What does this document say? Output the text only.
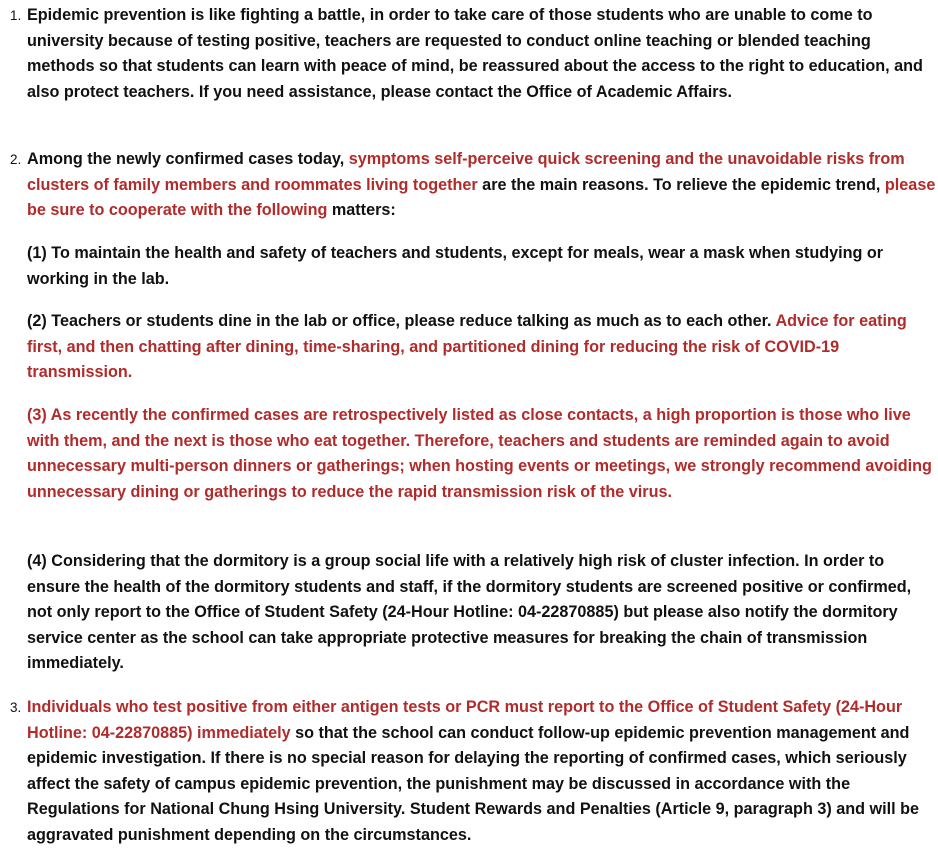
1. Epidemic prevention is like fighting a battle, in order to take care of those students who are unable to come to university because of testing positive, teachers are requested to conduct online teaching or blended teaching methods so that students can learn with peace of mind, be reassured about the access to the right to education, and also protect teachers. If you need assistance, please contact the Office of Academic Affairs.
2. Among the newly confirmed cases today, symptoms self-perceive quick screening and the unavoidable risks from clusters of family members and roommates living together are the main reasons. To relieve the epidemic trend, please be sure to cooperate with the following matters:
(1) To maintain the health and safety of teachers and students, except for meals, wear a mask when studying or working in the lab.
(2) Teachers or students dine in the lab or office, please reduce talking as much as to each other. Advice for eating first, and then chatting after dining, time-sharing, and partitioned dining for reducing the risk of COVID-19 transmission.
(3) As recently the confirmed cases are retrospectively listed as close contacts, a high proportion is those who live with them, and the next is those who eat together. Therefore, teachers and students are reminded again to avoid unnecessary multi-person dinners or gatherings; when hosting events or meetings, we strongly recommend avoiding unnecessary dining or gatherings to reduce the rapid transmission risk of the virus.
(4) Considering that the dormitory is a group social life with a relatively high risk of cluster infection. In order to ensure the health of the dormitory students and staff, if the dormitory students are screened positive or confirmed, not only report to the Office of Student Safety (24-Hour Hotline: 04-22870885) but please also notify the dormitory service center as the school can take appropriate protective measures for breaking the chain of transmission immediately.
3. Individuals who test positive from either antigen tests or PCR must report to the Office of Student Safety (24-Hour Hotline: 04-22870885) immediately so that the school can conduct follow-up epidemic prevention management and epidemic investigation. If there is no special reason for delaying the reporting of confirmed cases, which seriously affect the safety of campus epidemic prevention, the punishment may be discussed in accordance with the Regulations for National Chung Hsing University. Student Rewards and Penalties (Article 9, paragraph 3) and will be aggravated punishment depending on the circumstances.
